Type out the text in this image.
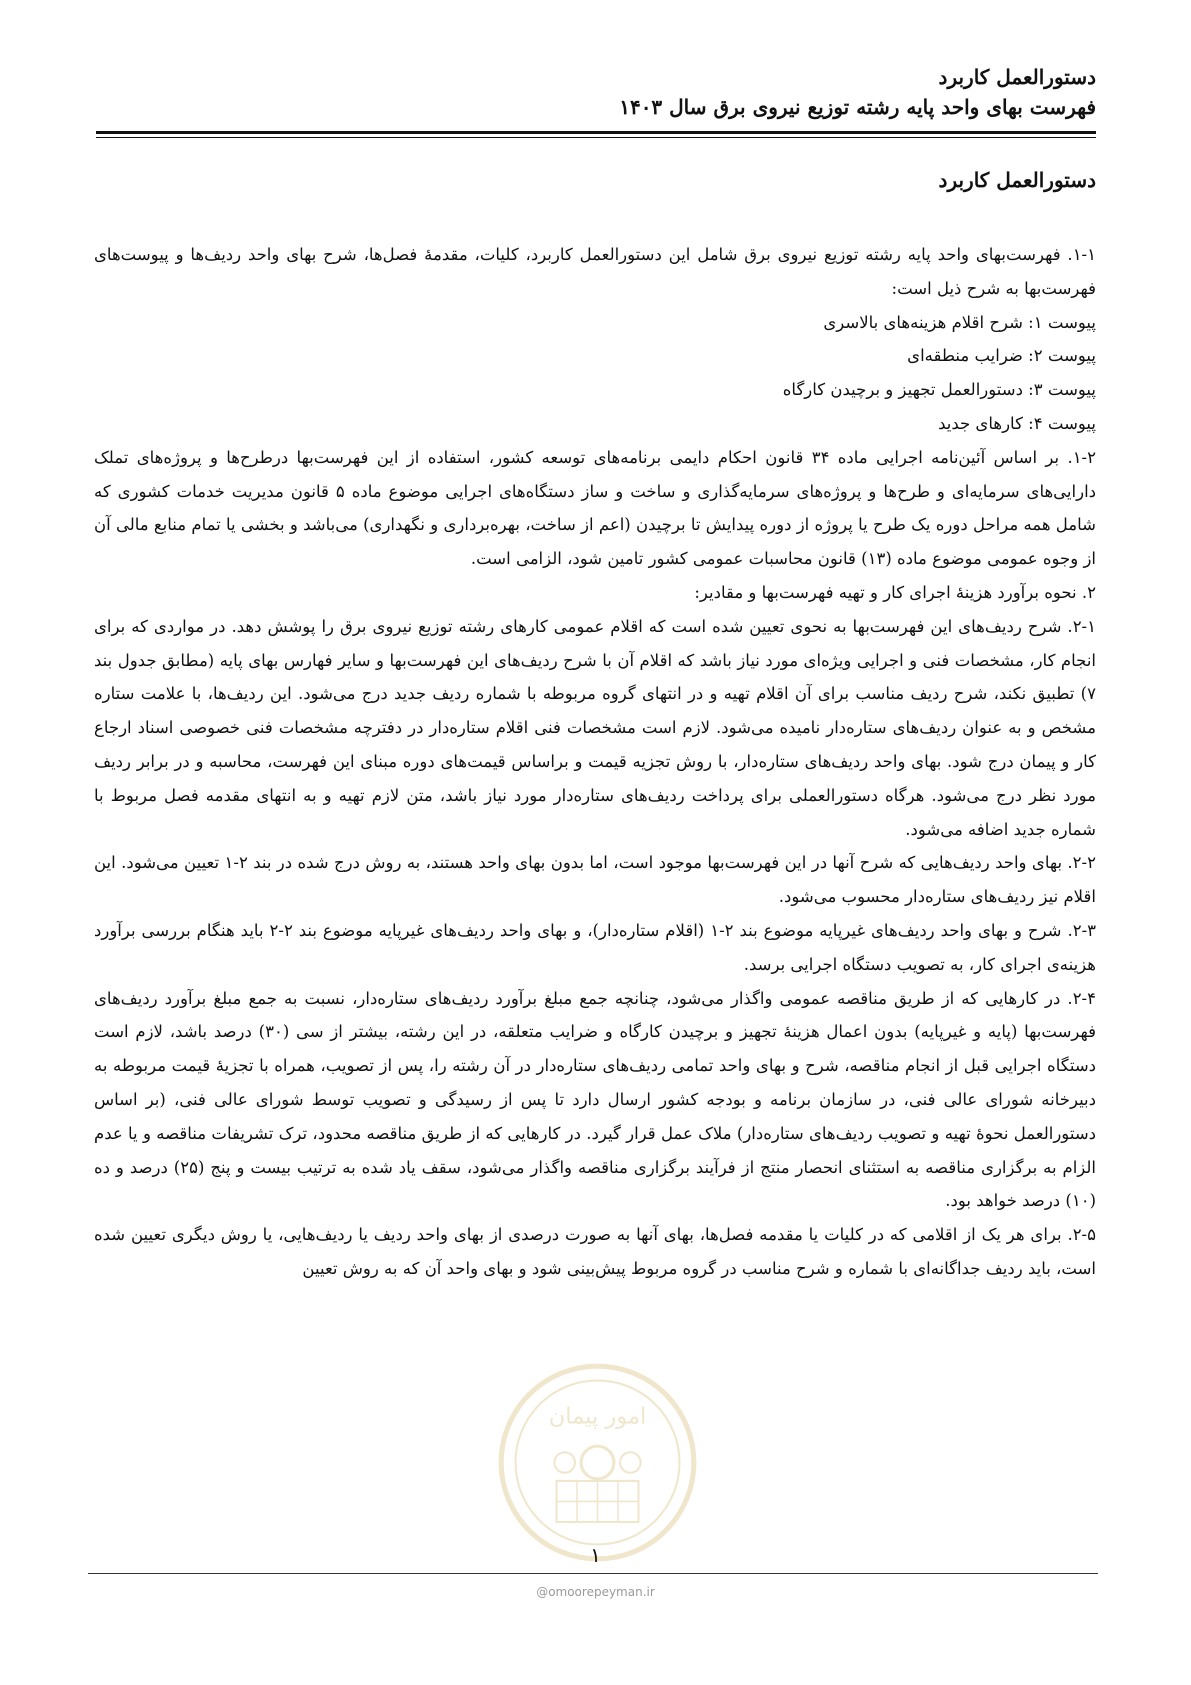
دستورالعمل کاربرد
فهرست بهای واحد پایه رشته توزیع نیروی برق سال ۱۴۰۳
دستورالعمل کاربرد

۱-۱. فهرست‌بهای واحد پایه رشته توزیع نیروی برق شامل این دستورالعمل کاربرد، کلیات، مقدمهٔ فصل‌ها، شرح بهای واحد ردیف‌ها و پیوست‌های فهرست‌بها به شرح ذیل است:

پیوست ۱: شرح اقلام هزینه‌های بالاسری

پیوست ۲: ضرایب منطقه‌ای

پیوست ۳: دستورالعمل تجهیز و برچیدن کارگاه

پیوست ۴: کارهای جدید

۱-۲. بر اساس آئین‌نامه اجرایی ماده ۳۴ قانون احکام دایمی برنامه‌های توسعه کشور، استفاده از این فهرست‌بها درطرح‌ها و پروژه‌های تملک دارایی‌های سرمایه‌ای و طرح‌ها و پروژه‌های سرمایه‌گذاری و ساخت و ساز دستگاه‌های اجرایی موضوع ماده ۵ قانون مدیریت خدمات کشوری که شامل همه مراحل دوره یک طرح یا پروژه از دوره پیدایش تا برچیدن (اعم از ساخت، بهره‌برداری و نگهداری) می‌باشد و بخشی یا تمام منابع مالی آن از وجوه عمومی موضوع ماده (۱۳) قانون محاسبات عمومی کشور تامین شود، الزامی است.

۲. نحوه برآورد هزینهٔ اجرای کار و تهیه فهرست‌بها و مقادیر:

۲-۱. شرح ردیف‌های این فهرست‌بها به نحوی تعیین شده است که اقلام عمومی کارهای رشته توزیع نیروی برق را پوشش دهد. در مواردی که برای انجام کار، مشخصات فنی و اجرایی ویژه‌ای مورد نیاز باشد که اقلام آن با شرح ردیف‌های این فهرست‌بها و سایر فهارس بهای پایه (مطابق جدول بند ۷) تطبیق نکند، شرح ردیف مناسب برای آن اقلام تهیه و در انتهای گروه مربوطه با شماره ردیف جدید درج می‌شود. این ردیف‌ها، با علامت ستاره مشخص و به عنوان ردیف‌های ستاره‌دار نامیده می‌شود. لازم است مشخصات فنی اقلام ستاره‌دار در دفترچه مشخصات فنی خصوصی اسناد ارجاع کار و پیمان درج شود. بهای واحد ردیف‌های ستاره‌دار، با روش تجزیه قیمت و براساس قیمت‌های دوره مبنای این فهرست، محاسبه و در برابر ردیف مورد نظر درج می‌شود. هرگاه دستورالعملی برای پرداخت ردیف‌های ستاره‌دار مورد نیاز باشد، متن لازم تهیه و به انتهای مقدمه فصل مربوط با شماره جدید اضافه می‌شود.

۲-۲. بهای واحد ردیف‌هایی که شرح آنها در این فهرست‌بها موجود است، اما بدون بهای واحد هستند، به روش درج شده در بند ۲-۱ تعیین می‌شود. این اقلام نیز ردیف‌های ستاره‌دار محسوب می‌شود.

۲-۳. شرح و بهای واحد ردیف‌های غیرپایه موضوع بند ۲-۱ (اقلام ستاره‌دار)، و بهای واحد ردیف‌های غیرپایه موضوع بند ۲-۲ باید هنگام بررسی برآورد هزینه‌ی اجرای کار، به تصویب دستگاه اجرایی برسد.

۲-۴. در کارهایی که از طریق مناقصه عمومی واگذار می‌شود، چنانچه جمع مبلغ برآورد ردیف‌های ستاره‌دار، نسبت به جمع مبلغ برآورد ردیف‌های فهرست‌بها (پایه و غیرپایه) بدون اعمال هزینهٔ تجهیز و برچیدن کارگاه و ضرایب متعلقه، در این رشته، بیشتر از سی (۳۰) درصد باشد، لازم است دستگاه اجرایی قبل از انجام مناقصه، شرح و بهای واحد تمامی ردیف‌های ستاره‌دار در آن رشته را، پس از تصویب، همراه با تجزیهٔ قیمت مربوطه به دبیرخانه شورای عالی فنی، در سازمان برنامه و بودجه کشور ارسال دارد تا پس از رسیدگی و تصویب توسط شورای عالی فنی، (بر اساس دستورالعمل نحوهٔ تهیه و تصویب ردیف‌های ستاره‌دار) ملاک عمل قرار گیرد. در کارهایی که از طریق مناقصه محدود، ترک تشریفات مناقصه و یا عدم الزام به برگزاری مناقصه به استثنای انحصار منتج از فرآیند برگزاری مناقصه واگذار می‌شود، سقف یاد شده به ترتیب بیست و پنج (۲۵) درصد و ده (۱۰) درصد خواهد بود.

۲-۵. برای هر یک از اقلامی که در کلیات یا مقدمه فصل‌ها، بهای آنها به صورت درصدی از بهای واحد ردیف یا ردیف‌هایی، یا روش دیگری تعیین شده است، باید ردیف جداگانه‌ای با شماره و شرح مناسب در گروه مربوط پیش‌بینی شود و بهای واحد آن که به روش تعیین

امور پیمان
۱
@omoorepeyman.ir
